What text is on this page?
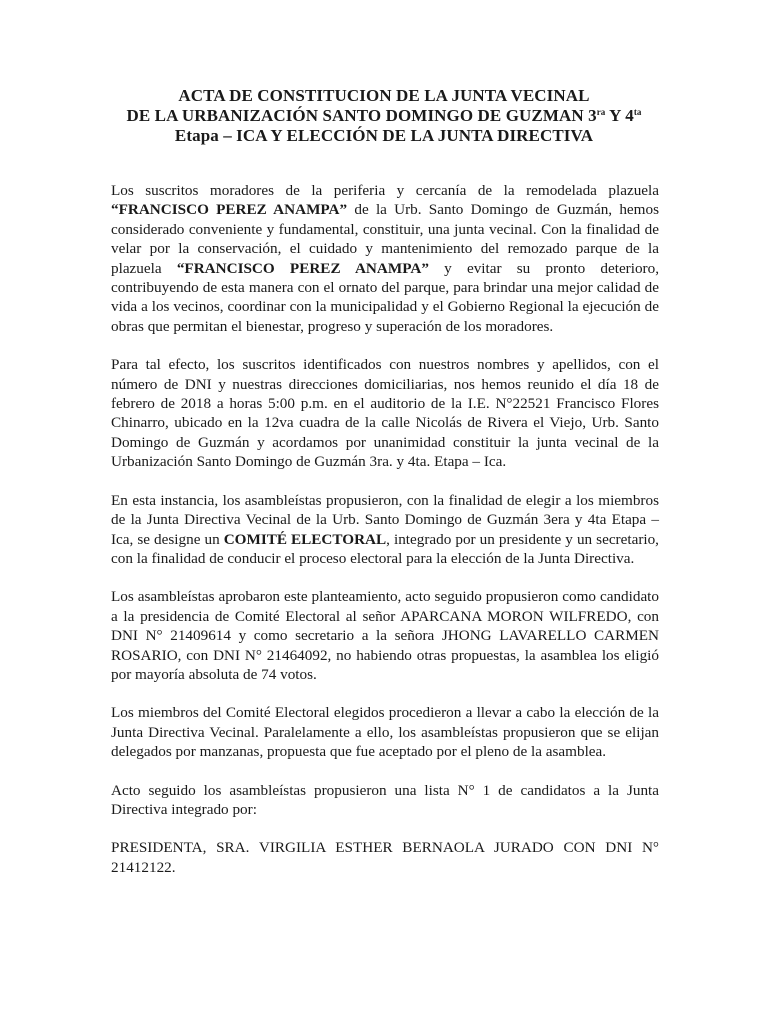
ACTA DE CONSTITUCION DE LA JUNTA VECINAL
DE LA URBANIZACIÓN SANTO DOMINGO DE GUZMAN $3^{ra}$ Y $4^{ta}$
Etapa – ICA Y ELECCIÓN DE LA JUNTA DIRECTIVA

Los suscritos moradores de la periferia y cercanía de la remodelada plazuela “FRANCISCO PEREZ ANAMPA” de la Urb. Santo Domingo de Guzmán, hemos considerado conveniente y fundamental, constituir, una junta vecinal. Con la finalidad de velar por la conservación, el cuidado y mantenimiento del remozado parque de la plazuela “FRANCISCO PEREZ ANAMPA” y evitar su pronto deterioro, contribuyendo de esta manera con el ornato del parque, para brindar una mejor calidad de vida a los vecinos, coordinar con la municipalidad y el Gobierno Regional la ejecución de obras que permitan el bienestar, progreso y superación de los moradores.

Para tal efecto, los suscritos identificados con nuestros nombres y apellidos, con el número de DNI y nuestras direcciones domiciliarias, nos hemos reunido el día 18 de febrero de 2018 a horas 5:00 p.m. en el auditorio de la I.E. N°22521 Francisco Flores Chinarro, ubicado en la 12va cuadra de la calle Nicolás de Rivera el Viejo, Urb. Santo Domingo de Guzmán y acordamos por unanimidad constituir la junta vecinal de la Urbanización Santo Domingo de Guzmán 3ra. y 4ta. Etapa – Ica.

En esta instancia, los asambleístas propusieron, con la finalidad de elegir a los miembros de la Junta Directiva Vecinal de la Urb. Santo Domingo de Guzmán 3era y 4ta Etapa – Ica, se designe un COMITÉ ELECTORAL, integrado por un presidente y un secretario, con la finalidad de conducir el proceso electoral para la elección de la Junta Directiva.

Los asambleístas aprobaron este planteamiento, acto seguido propusieron como candidato a la presidencia de Comité Electoral al señor APARCANA MORON WILFREDO, con DNI N° 21409614 y como secretario a la señora JHONG LAVARELLO CARMEN ROSARIO, con DNI N° 21464092, no habiendo otras propuestas, la asamblea los eligió por mayoría absoluta de 74 votos.

Los miembros del Comité Electoral elegidos procedieron a llevar a cabo la elección de la Junta Directiva Vecinal. Paralelamente a ello, los asambleístas propusieron que se elijan delegados por manzanas, propuesta que fue aceptado por el pleno de la asamblea.

Acto seguido los asambleístas propusieron una lista N° 1 de candidatos a la Junta Directiva integrado por:

PRESIDENTA, SRA. VIRGILIA ESTHER BERNAOLA JURADO CON DNI N° 21412122.
